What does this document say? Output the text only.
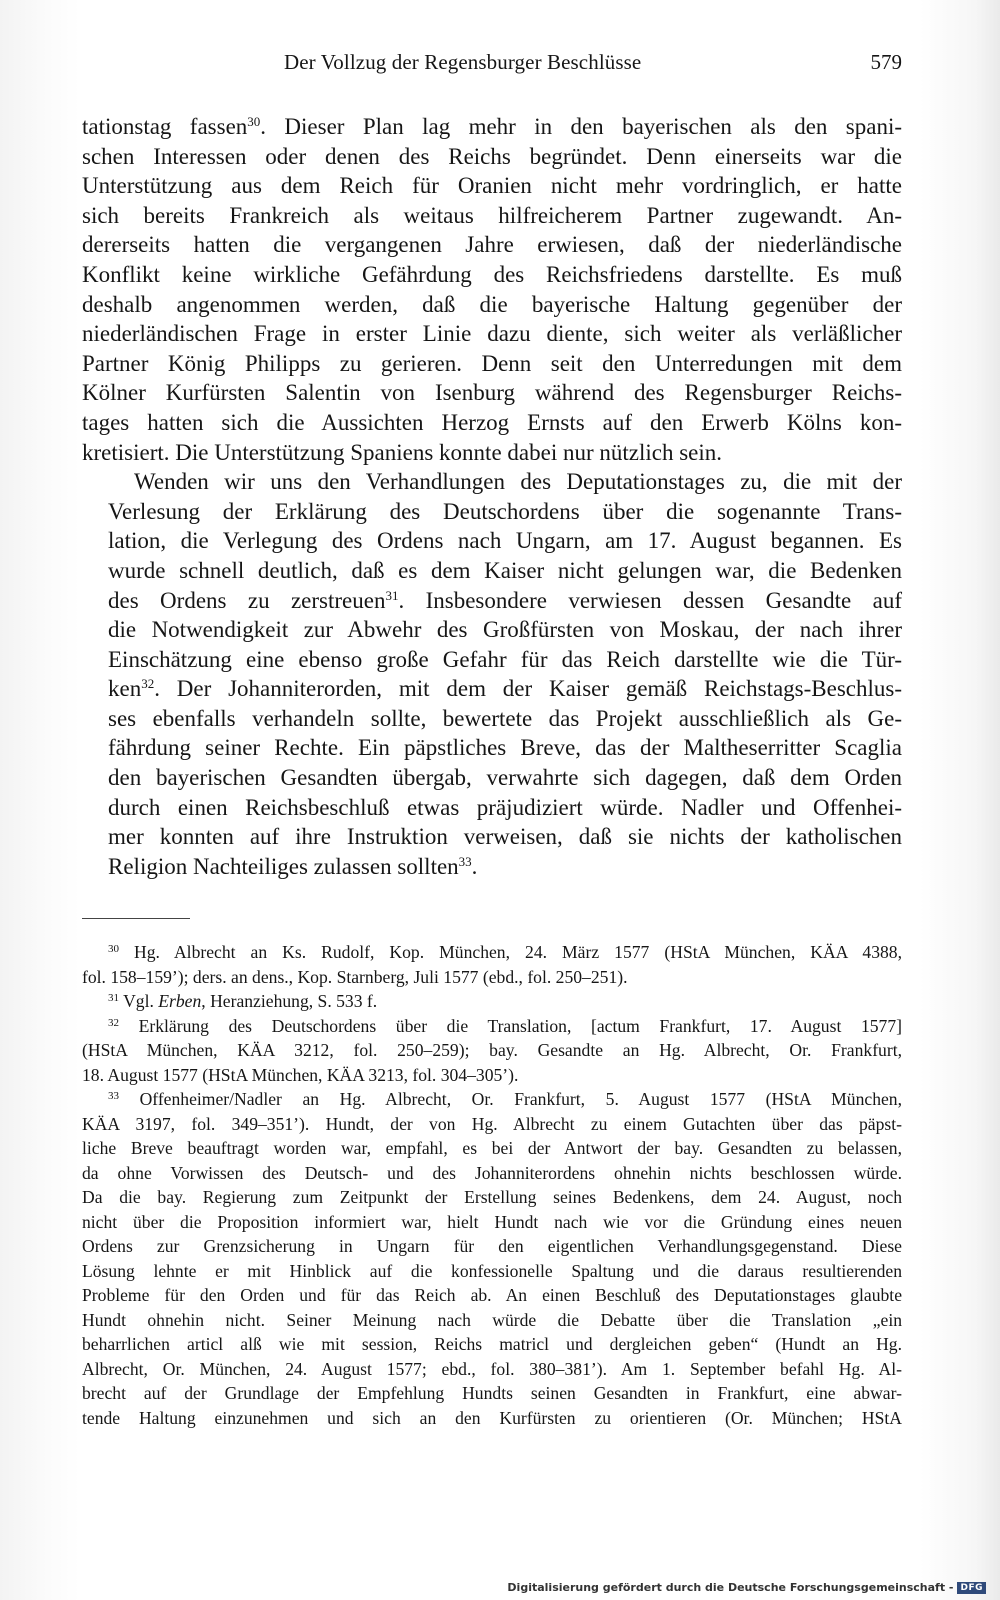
Der Vollzug der Regensburger Beschlüsse	579

tationstag fassen$^{30}$. Dieser Plan lag mehr in den bayerischen als den spani-
schen Interessen oder denen des Reichs begründet. Denn einerseits war die
Unterstützung aus dem Reich für Oranien nicht mehr vordringlich, er hatte
sich bereits Frankreich als weitaus hilfreicherem Partner zugewandt. An-
dererseits hatten die vergangenen Jahre erwiesen, daß der niederländische
Konflikt keine wirkliche Gefährdung des Reichsfriedens darstellte. Es muß
deshalb angenommen werden, daß die bayerische Haltung gegenüber der
niederländischen Frage in erster Linie dazu diente, sich weiter als verläßlicher
Partner König Philipps zu gerieren. Denn seit den Unterredungen mit dem
Kölner Kurfürsten Salentin von Isenburg während des Regensburger Reichs-
tages hatten sich die Aussichten Herzog Ernsts auf den Erwerb Kölns kon-
kretisiert. Die Unterstützung Spaniens konnte dabei nur nützlich sein.

Wenden wir uns den Verhandlungen des Deputationstages zu, die mit der
Verlesung der Erklärung des Deutschordens über die sogenannte Trans-
lation, die Verlegung des Ordens nach Ungarn, am 17. August begannen. Es
wurde schnell deutlich, daß es dem Kaiser nicht gelungen war, die Bedenken
des Ordens zu zerstreuen$^{31}$. Insbesondere verwiesen dessen Gesandte auf
die Notwendigkeit zur Abwehr des Großfürsten von Moskau, der nach ihrer
Einschätzung eine ebenso große Gefahr für das Reich darstellte wie die Tür-
ken$^{32}$. Der Johanniterorden, mit dem der Kaiser gemäß Reichstags-Beschlus-
ses ebenfalls verhandeln sollte, bewertete das Projekt ausschließlich als Ge-
fährdung seiner Rechte. Ein päpstliches Breve, das der Maltheserritter Scaglia
den bayerischen Gesandten übergab, verwahrte sich dagegen, daß dem Orden
durch einen Reichsbeschluß etwas präjudiziert würde. Nadler und Offenhei-
mer konnten auf ihre Instruktion verweisen, daß sie nichts der katholischen
Religion Nachteiliges zulassen sollten$^{33}$.

$^{30}$ Hg. Albrecht an Ks. Rudolf, Kop. München, 24. März 1577 (HStA München, KÄA 4388,
fol. 158–159’); ders. an dens., Kop. Starnberg, Juli 1577 (ebd., fol. 250–251).
$^{31}$ Vgl. Erben, Heranziehung, S. 533 f.
$^{32}$ Erklärung des Deutschordens über die Translation, [actum Frankfurt, 17. August 1577]
(HStA München, KÄA 3212, fol. 250–259); bay. Gesandte an Hg. Albrecht, Or. Frankfurt,
18. August 1577 (HStA München, KÄA 3213, fol. 304–305’).
$^{33}$ Offenheimer/Nadler an Hg. Albrecht, Or. Frankfurt, 5. August 1577 (HStA München,
KÄA 3197, fol. 349–351’). Hundt, der von Hg. Albrecht zu einem Gutachten über das päpst-
liche Breve beauftragt worden war, empfahl, es bei der Antwort der bay. Gesandten zu belassen,
da ohne Vorwissen des Deutsch- und des Johanniterordens ohnehin nichts beschlossen würde.
Da die bay. Regierung zum Zeitpunkt der Erstellung seines Bedenkens, dem 24. August, noch
nicht über die Proposition informiert war, hielt Hundt nach wie vor die Gründung eines neuen
Ordens zur Grenzsicherung in Ungarn für den eigentlichen Verhandlungsgegenstand. Diese
Lösung lehnte er mit Hinblick auf die konfessionelle Spaltung und die daraus resultierenden
Probleme für den Orden und für das Reich ab. An einen Beschluß des Deputationstages glaubte
Hundt ohnehin nicht. Seiner Meinung nach würde die Debatte über die Translation „ein
beharrlichen articl alß wie mit session, Reichs matricl und dergleichen geben“ (Hundt an Hg.
Albrecht, Or. München, 24. August 1577; ebd., fol. 380–381’). Am 1. September befahl Hg. Al-
brecht auf der Grundlage der Empfehlung Hundts seinen Gesandten in Frankfurt, eine abwar-
tende Haltung einzunehmen und sich an den Kurfürsten zu orientieren (Or. München; HStA
Digitalisierung gefördert durch die Deutsche Forschungsgemeinschaft - DFG
